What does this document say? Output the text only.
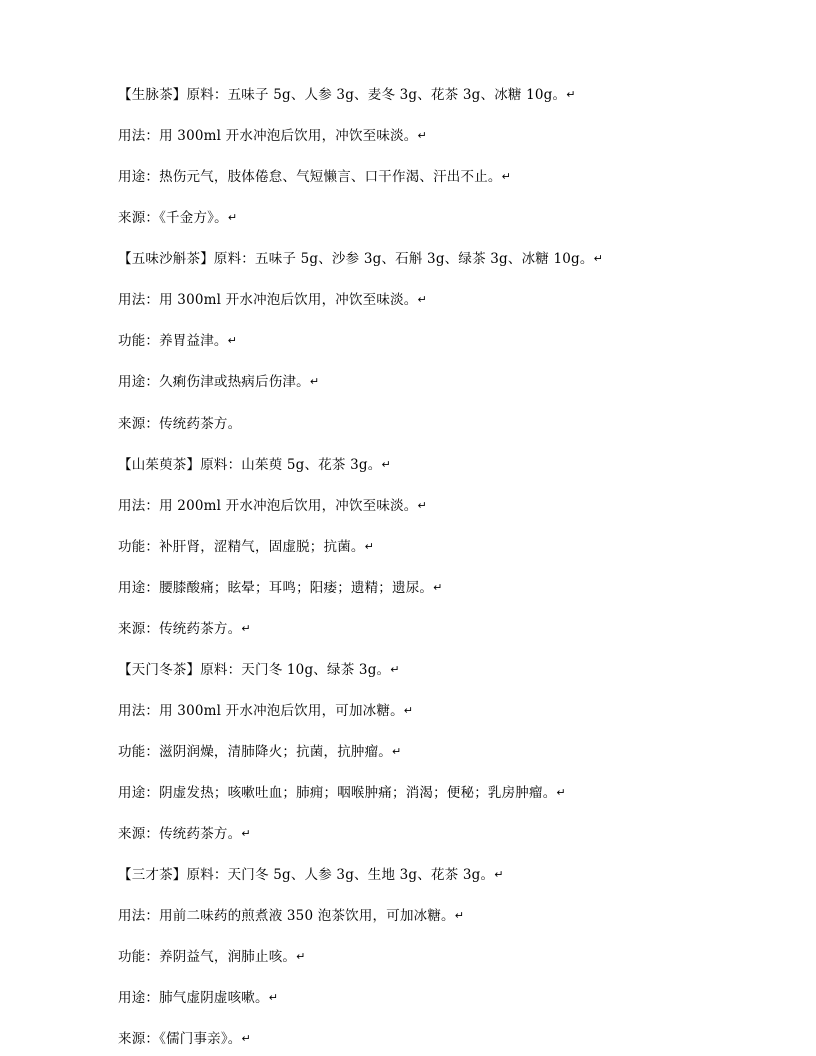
【生脉茶】原料：五味子 5g、人参 3g、麦冬 3g、花茶 3g、冰糖 10g。↵

用法：用 300ml 开水冲泡后饮用，冲饮至味淡。↵

用途：热伤元气，肢体倦怠、气短懒言、口干作渴、汗出不止。↵

来源：《千金方》。↵

【五味沙斛茶】原料：五味子 5g、沙参 3g、石斛 3g、绿茶 3g、冰糖 10g。↵

用法：用 300ml 开水冲泡后饮用，冲饮至味淡。↵

功能：养胃益津。↵

用途：久痢伤津或热病后伤津。↵

来源：传统药茶方。

【山茱萸茶】原料：山茱萸 5g、花茶 3g。↵

用法：用 200ml 开水冲泡后饮用，冲饮至味淡。↵

功能：补肝肾，涩精气，固虚脱；抗菌。↵

用途：腰膝酸痛；眩晕；耳鸣；阳痿；遗精；遗尿。↵

来源：传统药茶方。↵

【天门冬茶】原料：天门冬 10g、绿茶 3g。↵

用法：用 300ml 开水冲泡后饮用，可加冰糖。↵

功能：滋阴润燥，清肺降火；抗菌，抗肿瘤。↵

用途：阴虚发热；咳嗽吐血；肺痈；咽喉肿痛；消渴；便秘；乳房肿瘤。↵

来源：传统药茶方。↵

【三才茶】原料：天门冬 5g、人参 3g、生地 3g、花茶 3g。↵

用法：用前二味药的煎煮液 350 泡茶饮用，可加冰糖。↵

功能：养阴益气，润肺止咳。↵

用途：肺气虚阴虚咳嗽。↵

来源：《儒门事亲》。↵
